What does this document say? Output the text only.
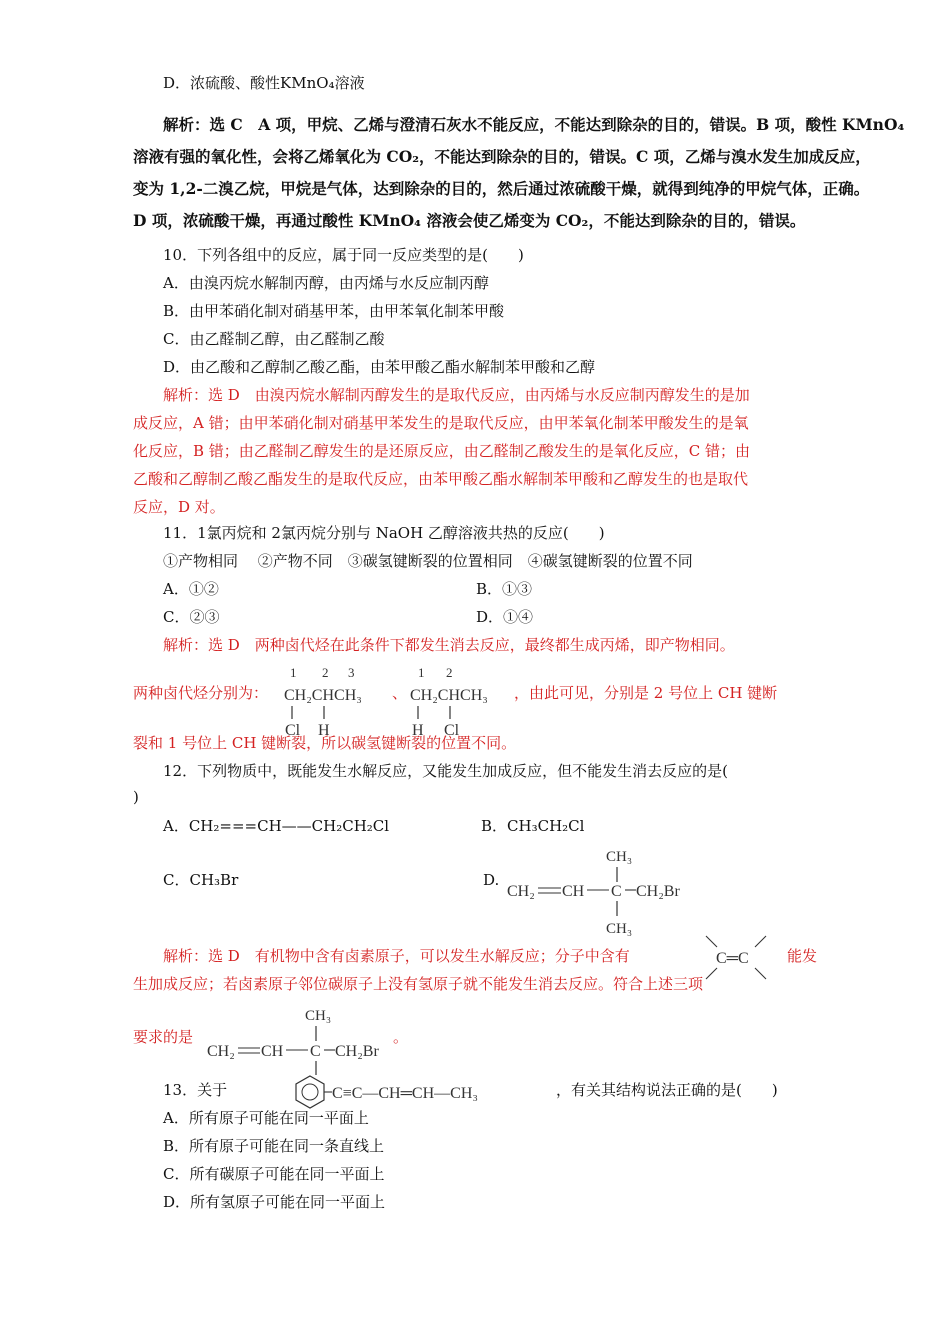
D．浓硫酸、酸性KMnO₄溶液
解析：选 C　A 项，甲烷、乙烯与澄清石灰水不能反应，不能达到除杂的目的，错误。B 项，酸性 KMnO₄
溶液有强的氧化性，会将乙烯氧化为 CO₂，不能达到除杂的目的，错误。C 项，乙烯与溴水发生加成反应，
变为 1,2-二溴乙烷，甲烷是气体，达到除杂的目的，然后通过浓硫酸干燥，就得到纯净的甲烷气体，正确。
D 项，浓硫酸干燥，再通过酸性 KMnO₄ 溶液会使乙烯变为 CO₂，不能达到除杂的目的，错误。
10．下列各组中的反应，属于同一反应类型的是(　　)
A．由溴丙烷水解制丙醇，由丙烯与水反应制丙醇
B．由甲苯硝化制对硝基甲苯，由甲苯氧化制苯甲酸
C．由乙醛制乙醇，由乙醛制乙酸
D．由乙酸和乙醇制乙酸乙酯，由苯甲酸乙酯水解制苯甲酸和乙醇
解析：选 D　由溴丙烷水解制丙醇发生的是取代反应，由丙烯与水反应制丙醇发生的是加
成反应，A 错；由甲苯硝化制对硝基甲苯发生的是取代反应，由甲苯氧化制苯甲酸发生的是氧
化反应，B 错；由乙醛制乙醇发生的是还原反应，由乙醛制乙酸发生的是氧化反应，C 错；由
乙酸和乙醇制乙酸乙酯发生的是取代反应，由苯甲酸乙酯水解制苯甲酸和乙醇发生的也是取代
反应，D 对。
11．1氯丙烷和 2氯丙烷分别与 NaOH 乙醇溶液共热的反应(　　)
①产物相同　 ②产物不同　③碳氢键断裂的位置相同　④碳氢键断裂的位置不同
A．①②	B．①③
C．②③	D．①④
解析：选 D　两种卤代烃在此条件下都发生消去反应，最终都生成丙烯，即产物相同。
两种卤代烃分别为：
1 2 3
CH₂CHCH₃
Cl H
、
1 2
CH₂CHCH₃
H Cl
，由此可见，分别是 2 号位上 CH 键断
裂和 1 号位上 CH 键断裂，所以碳氢键断裂的位置不同。
12．下列物质中，既能发生水解反应，又能发生加成反应，但不能发生消去反应的是(
)
A．CH₂===CH——CH₂CH₂Cl	B．CH₃CH₂Cl
C．CH₃Br	D.
CH₃
CH₂ CH C CH₂Br
CH₃
解析：选 D　有机物中含有卤素原子，可以发生水解反应；分子中含有	C═C	能发
生加成反应；若卤素原子邻位碳原子上没有氢原子就不能发生消去反应。符合上述三项
要求的是
CH₃
CH₂ CH C CH₂Br
。
13．关于	C≡C—CH═CH—CH₃	，有关其结构说法正确的是(　　)
A．所有原子可能在同一平面上
B．所有原子可能在同一条直线上
C．所有碳原子可能在同一平面上
D．所有氢原子可能在同一平面上
